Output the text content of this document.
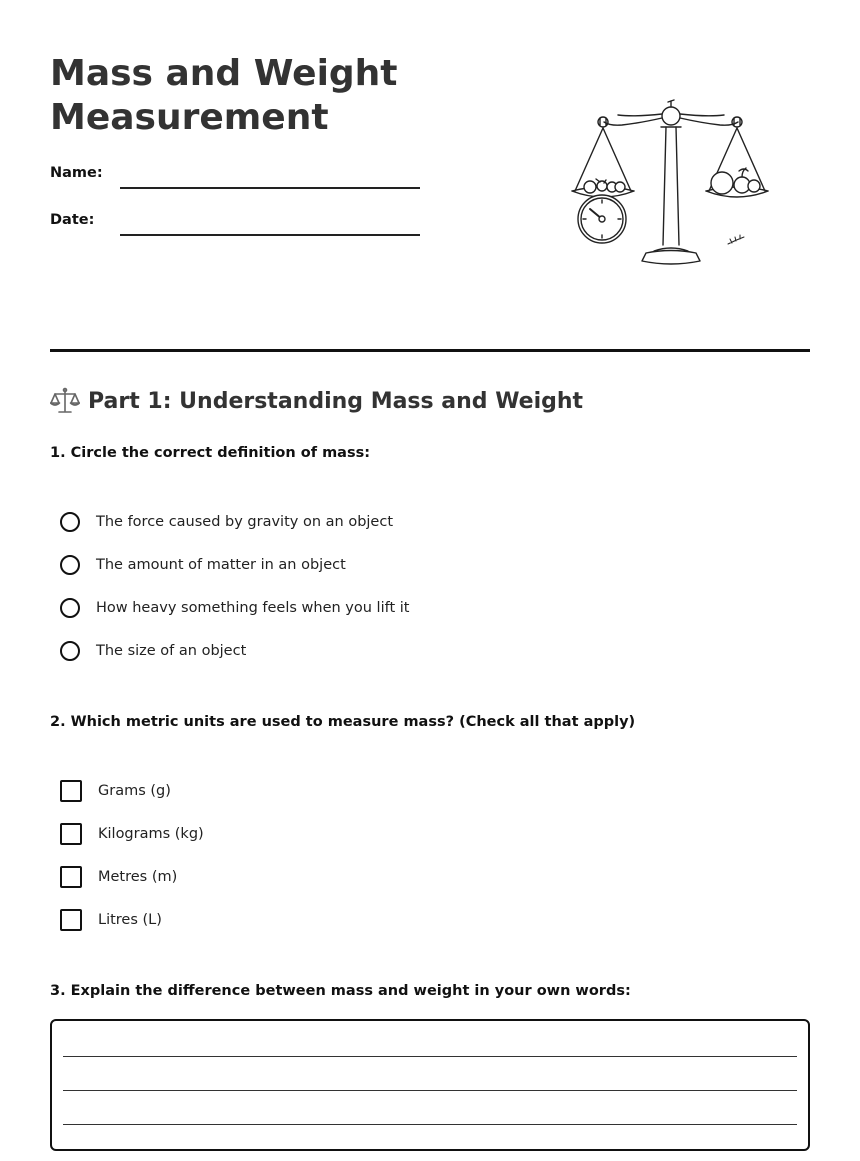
Mass and Weight
Measurement
Name:
Date:
Part 1: Understanding Mass and Weight
1. Circle the correct definition of mass:
The force caused by gravity on an object
The amount of matter in an object
How heavy something feels when you lift it
The size of an object
2. Which metric units are used to measure mass? (Check all that apply)
Grams (g)
Kilograms (kg)
Metres (m)
Litres (L)
3. Explain the difference between mass and weight in your own words:
